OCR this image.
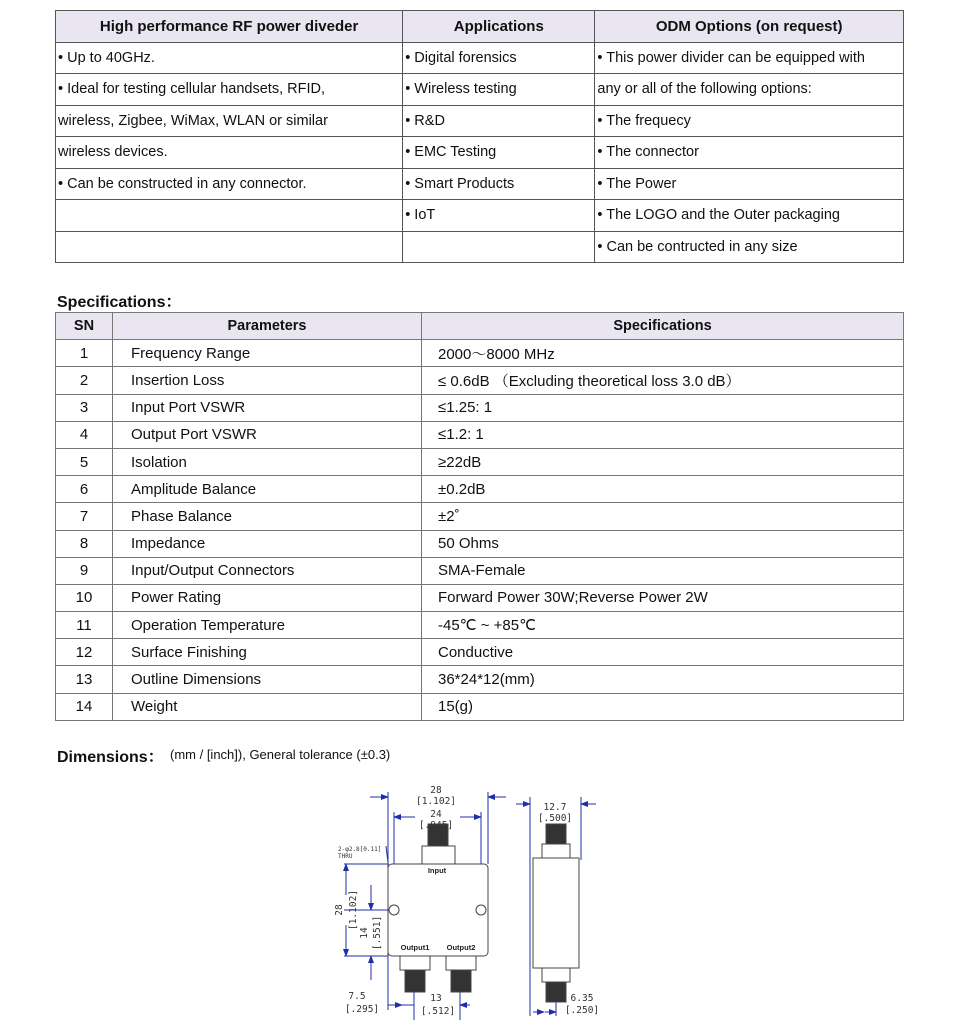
High performance RF power diveder	Applications	ODM Options (on request)
• Up to 40GHz.	• Digital forensics	• This power divider can be equipped with
• Ideal for testing cellular handsets, RFID,	• Wireless testing	any or all of the following options:
wireless, Zigbee, WiMax, WLAN or similar	• R&D	• The frequecy
wireless devices.	• EMC Testing	• The connector
• Can be constructed in any connector.	• Smart Products	• The Power
	• IoT	• The LOGO and the Outer packaging
		• Can be contructed in any size
Specifications：
SN	Parameters	Specifications
1	Frequency Range	2000～8000 MHz
2	Insertion Loss	≤ 0.6dB （Excluding theoretical loss 3.0 dB）
3	Input Port VSWR	≤1.25: 1
4	Output Port VSWR	≤1.2: 1
5	Isolation	≥22dB
6	Amplitude Balance	±0.2dB
7	Phase Balance	±2˚
8	Impedance	50 Ohms
9	Input/Output Connectors	SMA-Female
10	Power Rating	Forward Power 30W;Reverse Power 2W
11	Operation Temperature	-45℃ ~ +85℃
12	Surface Finishing	Conductive
13	Outline Dimensions	36*24*12(mm)
14	Weight	15(g)
Dimensions： (mm / [inch]), General tolerance (±0.3)
28
[1.102]
24
[.945]
2-φ2.8[0.11]
THRU
28 [1.102]
14 [.551]
Input
Output1 Output2
7.5
[.295]
13
[.512]
12.7
[.500]
6.35
[.250]
